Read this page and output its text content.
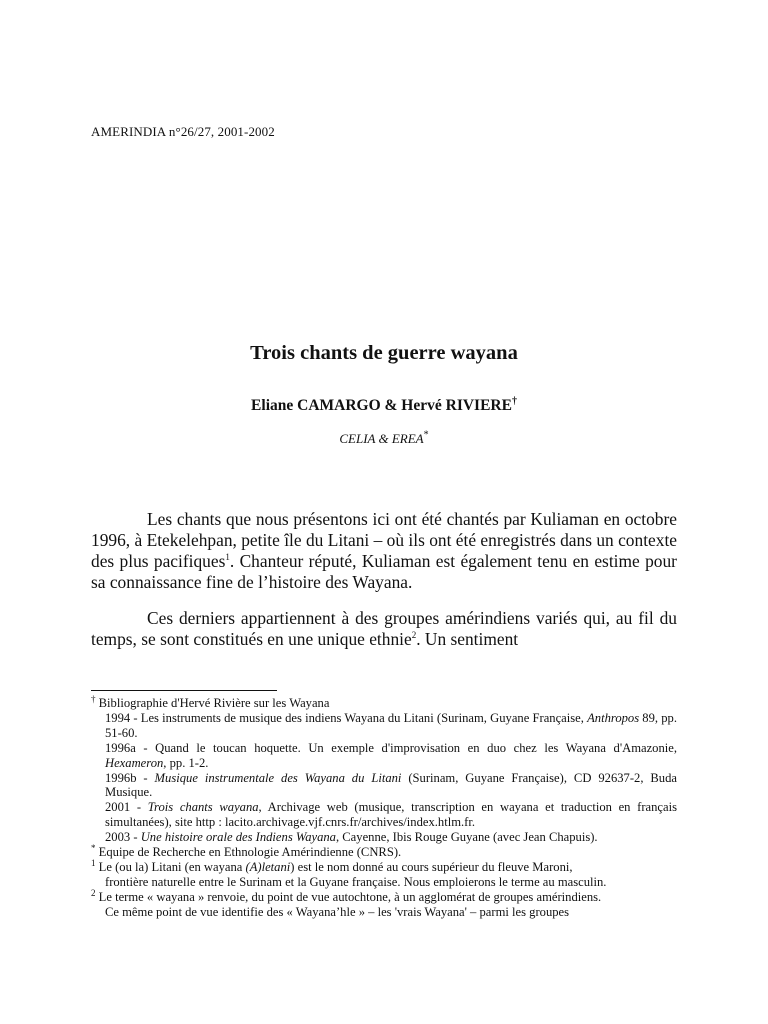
AMERINDIA n°26/27, 2001-2002
Trois chants de guerre wayana
Eliane CAMARGO & Hervé RIVIERE†
CELIA & EREA*

Les chants que nous présentons ici ont été chantés par Kuliaman en octobre 1996, à Etekelehpan, petite île du Litani – où ils ont été enregistrés dans un contexte des plus pacifiques$^1$. Chanteur réputé, Kuliaman est également tenu en estime pour sa connaissance fine de l’histoire des Wayana.

Ces derniers appartiennent à des groupes amérindiens variés qui, au fil du temps, se sont constitués en une unique ethnie$^2$. Un sentiment

† Bibliographie d'Hervé Rivière sur les Wayana
1994 - Les instruments de musique des indiens Wayana du Litani (Surinam, Guyane Française, Anthropos 89, pp. 51-60.
1996a - Quand le toucan hoquette. Un exemple d'improvisation en duo chez les Wayana d'Amazonie, Hexameron, pp. 1-2.
1996b - Musique instrumentale des Wayana du Litani (Surinam, Guyane Française), CD 92637-2, Buda Musique.
2001 - Trois chants wayana, Archivage web (musique, transcription en wayana et traduction en français simultanées), site http : lacito.archivage.vjf.cnrs.fr/archives/index.htlm.fr.
2003 - Une histoire orale des Indiens Wayana, Cayenne, Ibis Rouge Guyane (avec Jean Chapuis).
* Equipe de Recherche en Ethnologie Amérindienne (CNRS).
$^1$ Le (ou la) Litani (en wayana (A)letani) est le nom donné au cours supérieur du fleuve Maroni,
frontière naturelle entre le Surinam et la Guyane française. Nous emploierons le terme au masculin.
$^2$ Le terme « wayana » renvoie, du point de vue autochtone, à un agglomérat de groupes amérindiens.
Ce même point de vue identifie des « Wayana’hle » – les 'vrais Wayana' – parmi les groupes
